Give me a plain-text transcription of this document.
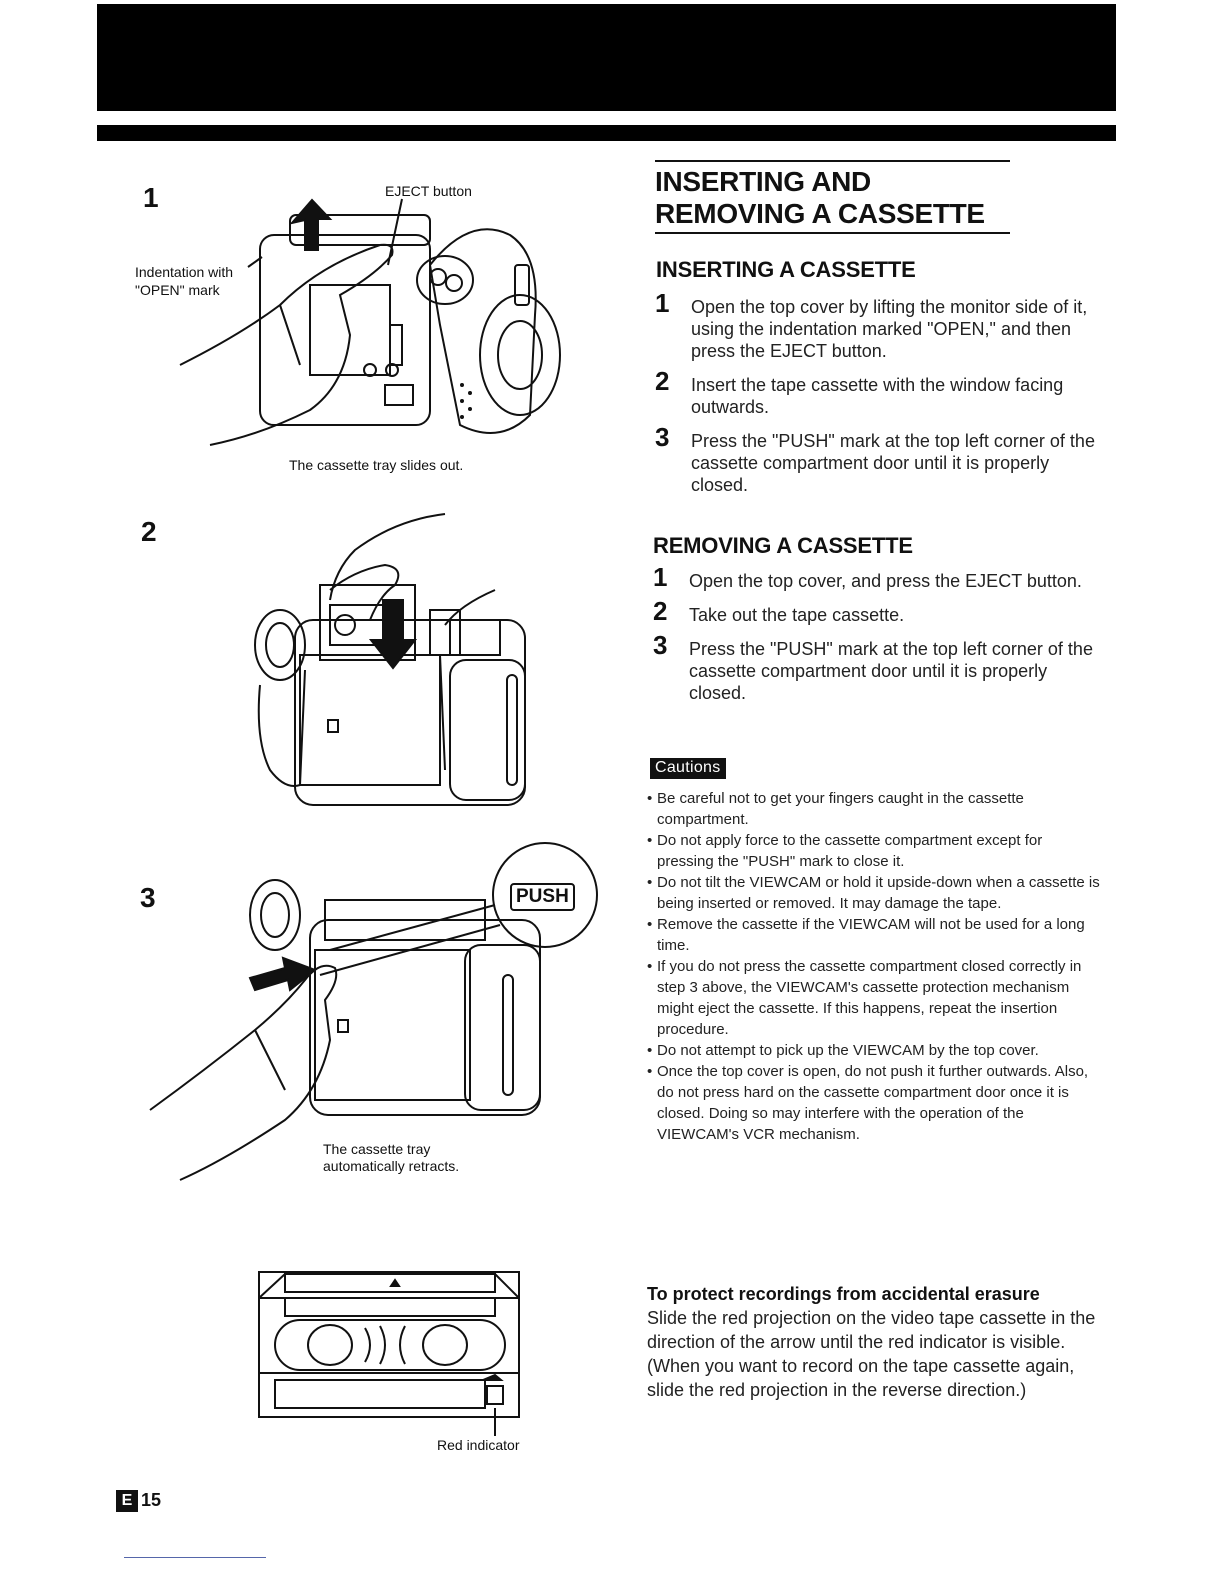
1	EJECT button
Indentation with
"OPEN" mark
The cassette tray slides out.
2
3	PUSH
The cassette tray
automatically retracts.
Red indicator
INSERTING AND
REMOVING A CASSETTE
INSERTING A CASSETTE
1 Open the top cover by lifting the monitor side of it, using the indentation marked "OPEN," and then press the EJECT button.
2 Insert the tape cassette with the window facing outwards.
3 Press the "PUSH" mark at the top left corner of the cassette compartment door until it is properly closed.
REMOVING A CASSETTE
1 Open the top cover, and press the EJECT button.
2 Take out the tape cassette.
3 Press the "PUSH" mark at the top left corner of the cassette compartment door until it is properly closed.
Cautions
• Be careful not to get your fingers caught in the cassette compartment.
• Do not apply force to the cassette compartment except for pressing the "PUSH" mark to close it.
• Do not tilt the VIEWCAM or hold it upside-down when a cassette is being inserted or removed. It may damage the tape.
• Remove the cassette if the VIEWCAM will not be used for a long time.
• If you do not press the cassette compartment closed correctly in step 3 above, the VIEWCAM's cassette protection mechanism might eject the cassette. If this happens, repeat the insertion procedure.
• Do not attempt to pick up the VIEWCAM by the top cover.
• Once the top cover is open, do not push it further outwards. Also, do not press hard on the cassette compartment door once it is closed. Doing so may interfere with the operation of the VIEWCAM's VCR mechanism.
To protect recordings from accidental erasure
Slide the red projection on the video tape cassette in the direction of the arrow until the red indicator is visible. (When you want to record on the tape cassette again, slide the red projection in the reverse direction.)
E 15
